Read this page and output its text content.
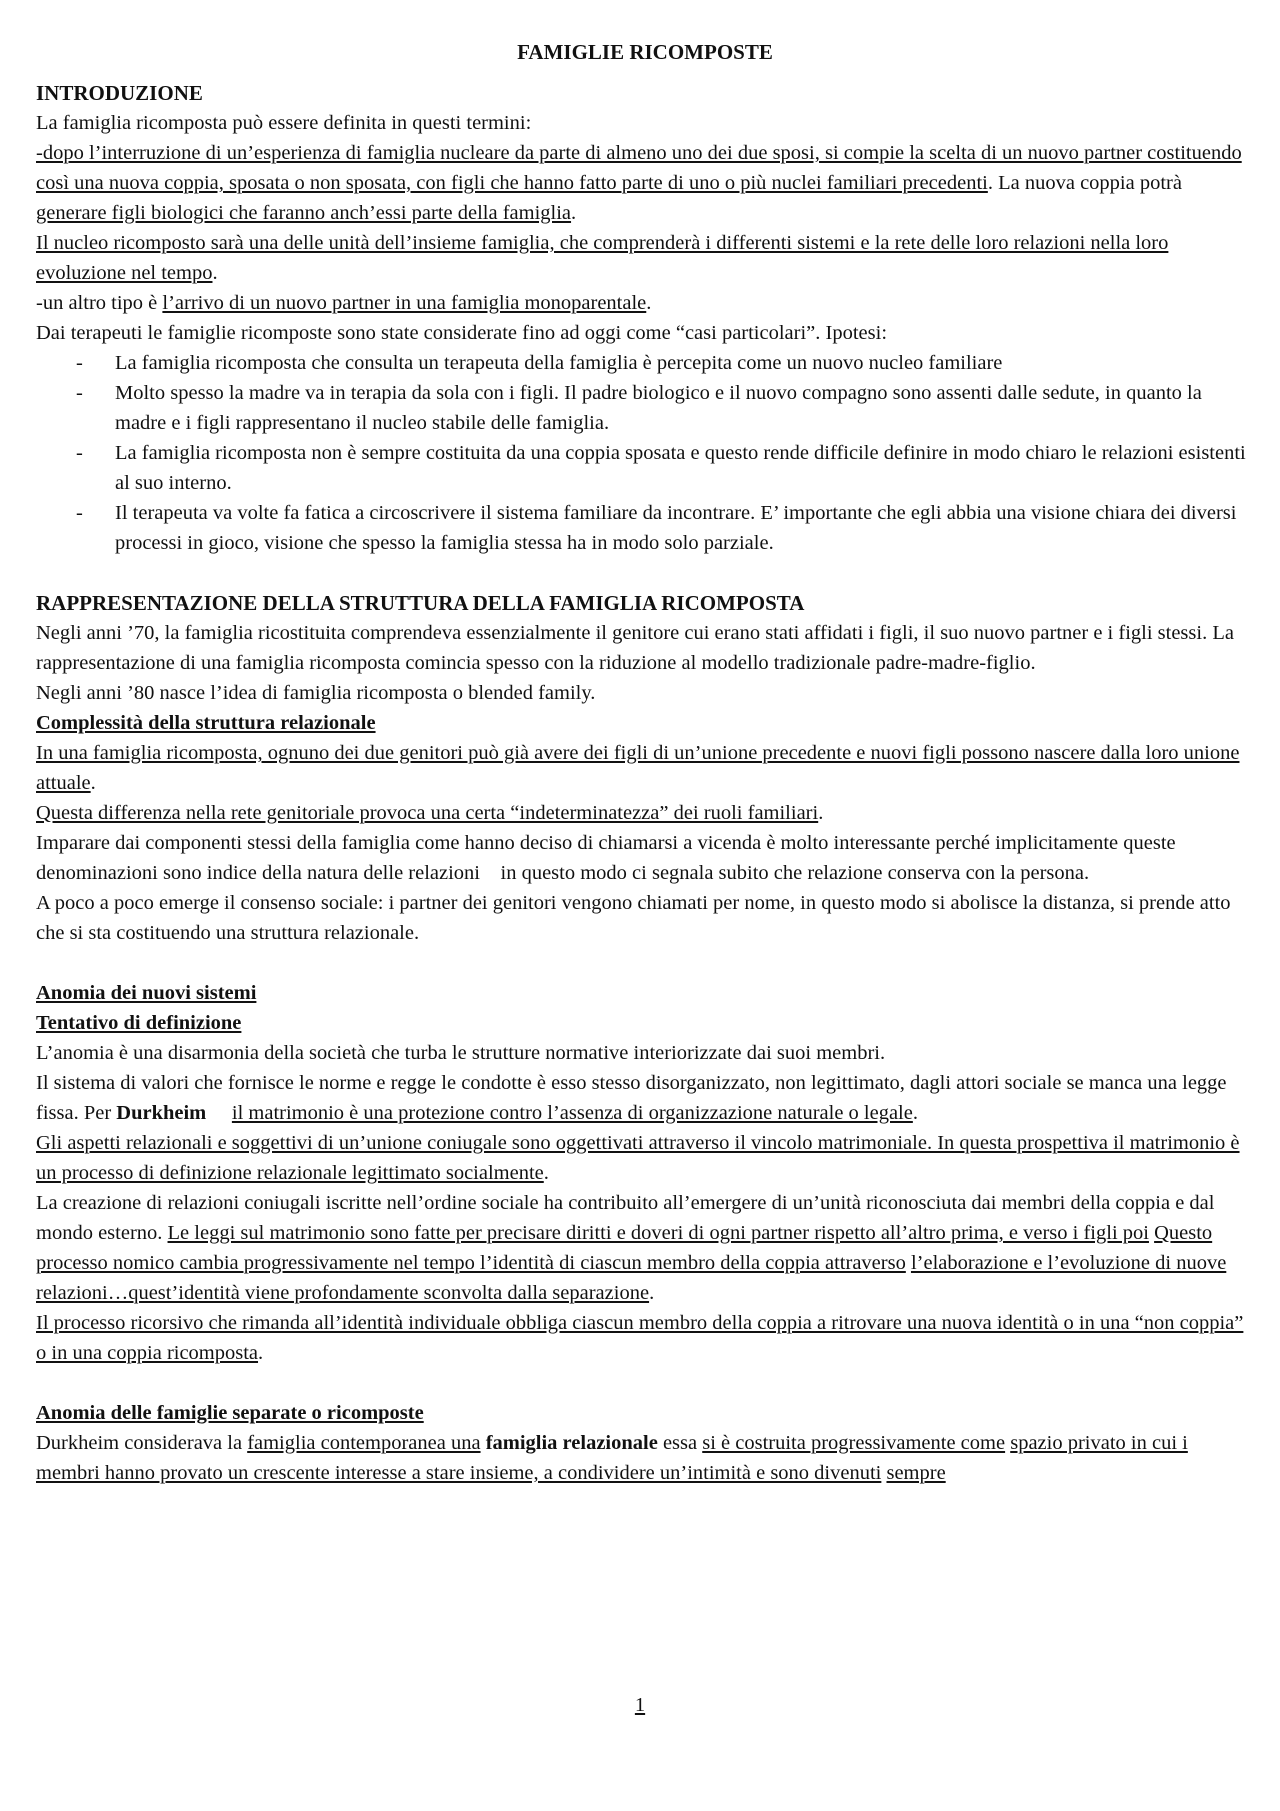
FAMIGLIE RICOMPOSTE
INTRODUZIONE

La famiglia ricomposta può essere definita in questi termini:

-dopo l’interruzione di un’esperienza di famiglia nucleare da parte di almeno uno dei due sposi, si compie la scelta di un nuovo partner costituendo così una nuova coppia, sposata o non sposata, con figli che hanno fatto parte di uno o più nuclei familiari precedenti. La nuova coppia potrà generare figli biologici che faranno anch’essi parte della famiglia.

Il nucleo ricomposto sarà una delle unità dell’insieme famiglia, che comprenderà i differenti sistemi e la rete delle loro relazioni nella loro evoluzione nel tempo.

-un altro tipo è l’arrivo di un nuovo partner in una famiglia monoparentale.

Dai terapeuti le famiglie ricomposte sono state considerate fino ad oggi come “casi particolari”. Ipotesi:

- La famiglia ricomposta che consulta un terapeuta della famiglia è percepita come un nuovo nucleo familiare
- Molto spesso la madre va in terapia da sola con i figli. Il padre biologico e il nuovo compagno sono assenti dalle sedute, in quanto la madre e i figli rappresentano il nucleo stabile delle famiglia.
- La famiglia ricomposta non è sempre costituita da una coppia sposata e questo rende difficile definire in modo chiaro le relazioni esistenti al suo interno.
- Il terapeuta va volte fa fatica a circoscrivere il sistema familiare da incontrare. E’ importante che egli abbia una visione chiara dei diversi processi in gioco, visione che spesso la famiglia stessa ha in modo solo parziale.
RAPPRESENTAZIONE DELLA STRUTTURA DELLA FAMIGLIA RICOMPOSTA

Negli anni ’70, la famiglia ricostituita comprendeva essenzialmente il genitore cui erano stati affidati i figli, il suo nuovo partner e i figli stessi. La rappresentazione di una famiglia ricomposta comincia spesso con la riduzione al modello tradizionale padre-madre-figlio.

Negli anni ’80 nasce l’idea di famiglia ricomposta o blended family.

Complessità della struttura relazionale

In una famiglia ricomposta, ognuno dei due genitori può già avere dei figli di un’unione precedente e nuovi figli possono nascere dalla loro unione attuale.

Questa differenza nella rete genitoriale provoca una certa “indeterminatezza” dei ruoli familiari.

Imparare dai componenti stessi della famiglia come hanno deciso di chiamarsi a vicenda è molto interessante perché implicitamente queste denominazioni sono indice della natura delle relazioni    in questo modo ci segnala subito che relazione conserva con la persona.

A poco a poco emerge il consenso sociale: i partner dei genitori vengono chiamati per nome, in questo modo si abolisce la distanza, si prende atto che si sta costituendo una struttura relazionale.

Anomia dei nuovi sistemi
Tentativo di definizione

L’anomia è una disarmonia della società che turba le strutture normative interiorizzate dai suoi membri.

Il sistema di valori che fornisce le norme e regge le condotte è esso stesso disorganizzato, non legittimato, dagli attori sociale se manca una legge fissa. Per Durkheim il matrimonio è una protezione contro l’assenza di organizzazione naturale o legale.

Gli aspetti relazionali e soggettivi di un’unione coniugale sono oggettivati attraverso il vincolo matrimoniale. In questa prospettiva il matrimonio è un processo di definizione relazionale legittimato socialmente.

La creazione di relazioni coniugali iscritte nell’ordine sociale ha contribuito all’emergere di un’unità riconosciuta dai membri della coppia e dal mondo esterno. Le leggi sul matrimonio sono fatte per precisare diritti e doveri di ogni partner rispetto all’altro prima, e verso i figli poi Questo processo nomico cambia progressivamente nel tempo l’identità di ciascun membro della coppia attraverso l’elaborazione e l’evoluzione di nuove relazioni…quest’identità viene profondamente sconvolta dalla separazione.

Il processo ricorsivo che rimanda all’identità individuale obbliga ciascun membro della coppia a ritrovare una nuova identità o in una “non coppia” o in una coppia ricomposta.

Anomia delle famiglie separate o ricomposte

Durkheim considerava la famiglia contemporanea una famiglia relazionale essa si è costruita progressivamente come spazio privato in cui i membri hanno provato un crescente interesse a stare insieme, a condividere un’intimità e sono divenuti sempre

1
